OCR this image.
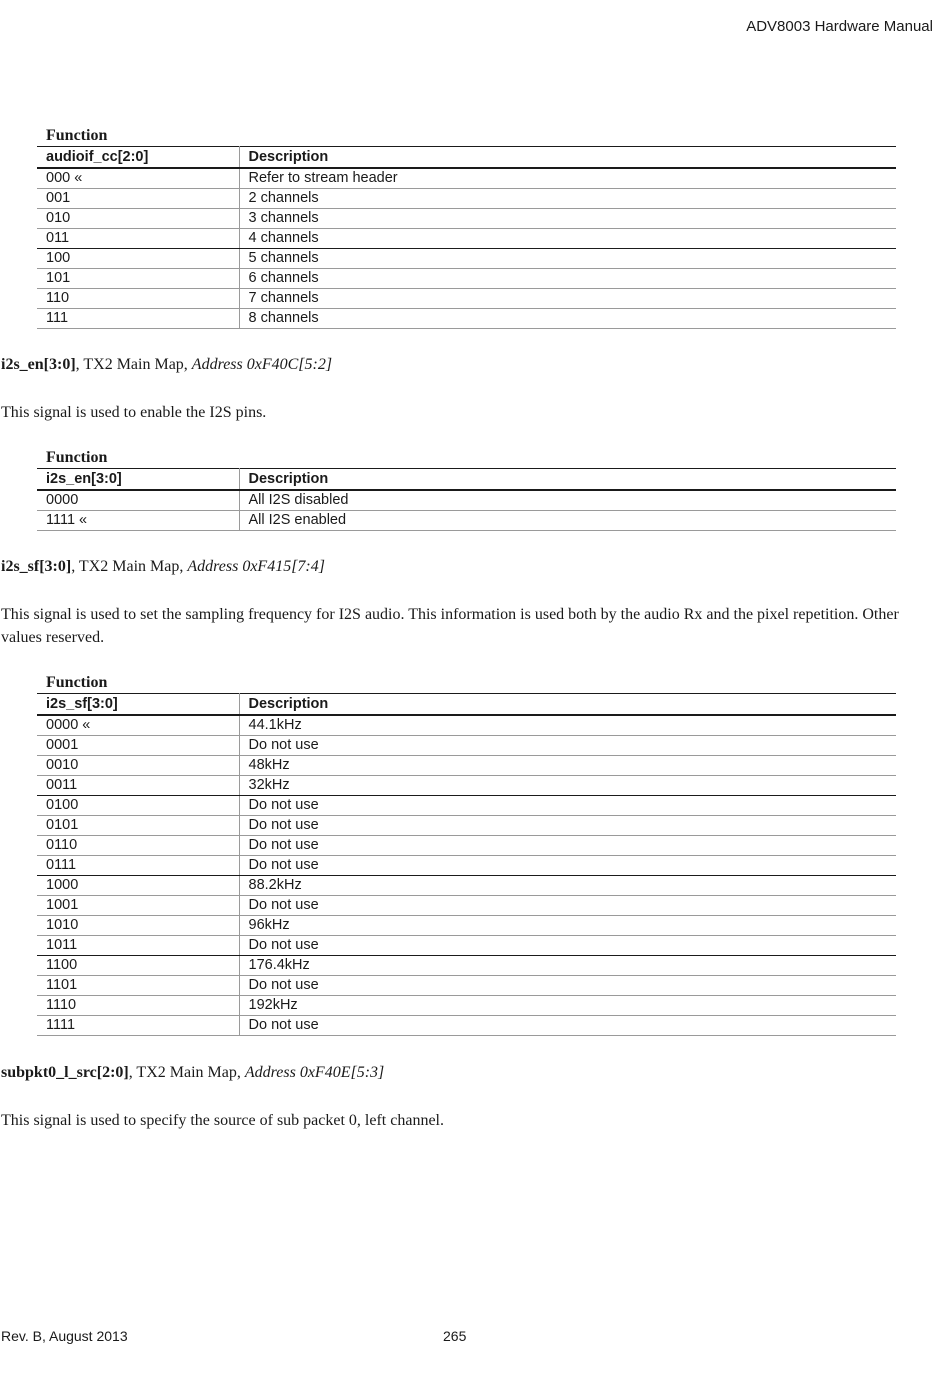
ADV8003 Hardware Manual
Function
audioif_cc[2:0]	Description
000 «	Refer to stream header
001	2 channels
010	3 channels
011	4 channels
100	5 channels
101	6 channels
110	7 channels
111	8 channels
i2s_en[3:0], TX2 Main Map, Address 0xF40C[5:2]
This signal is used to enable the I2S pins.
Function
i2s_en[3:0]	Description
0000	All I2S disabled
1111 «	All I2S enabled
i2s_sf[3:0], TX2 Main Map, Address 0xF415[7:4]
This signal is used to set the sampling frequency for I2S audio. This information is used both by the audio Rx and the pixel repetition. Other values reserved.
Function
i2s_sf[3:0]	Description
0000 «	44.1kHz
0001	Do not use
0010	48kHz
0011	32kHz
0100	Do not use
0101	Do not use
0110	Do not use
0111	Do not use
1000	88.2kHz
1001	Do not use
1010	96kHz
1011	Do not use
1100	176.4kHz
1101	Do not use
1110	192kHz
1111	Do not use
subpkt0_l_src[2:0], TX2 Main Map, Address 0xF40E[5:3]
This signal is used to specify the source of sub packet 0, left channel.
Rev. B, August 2013	265
